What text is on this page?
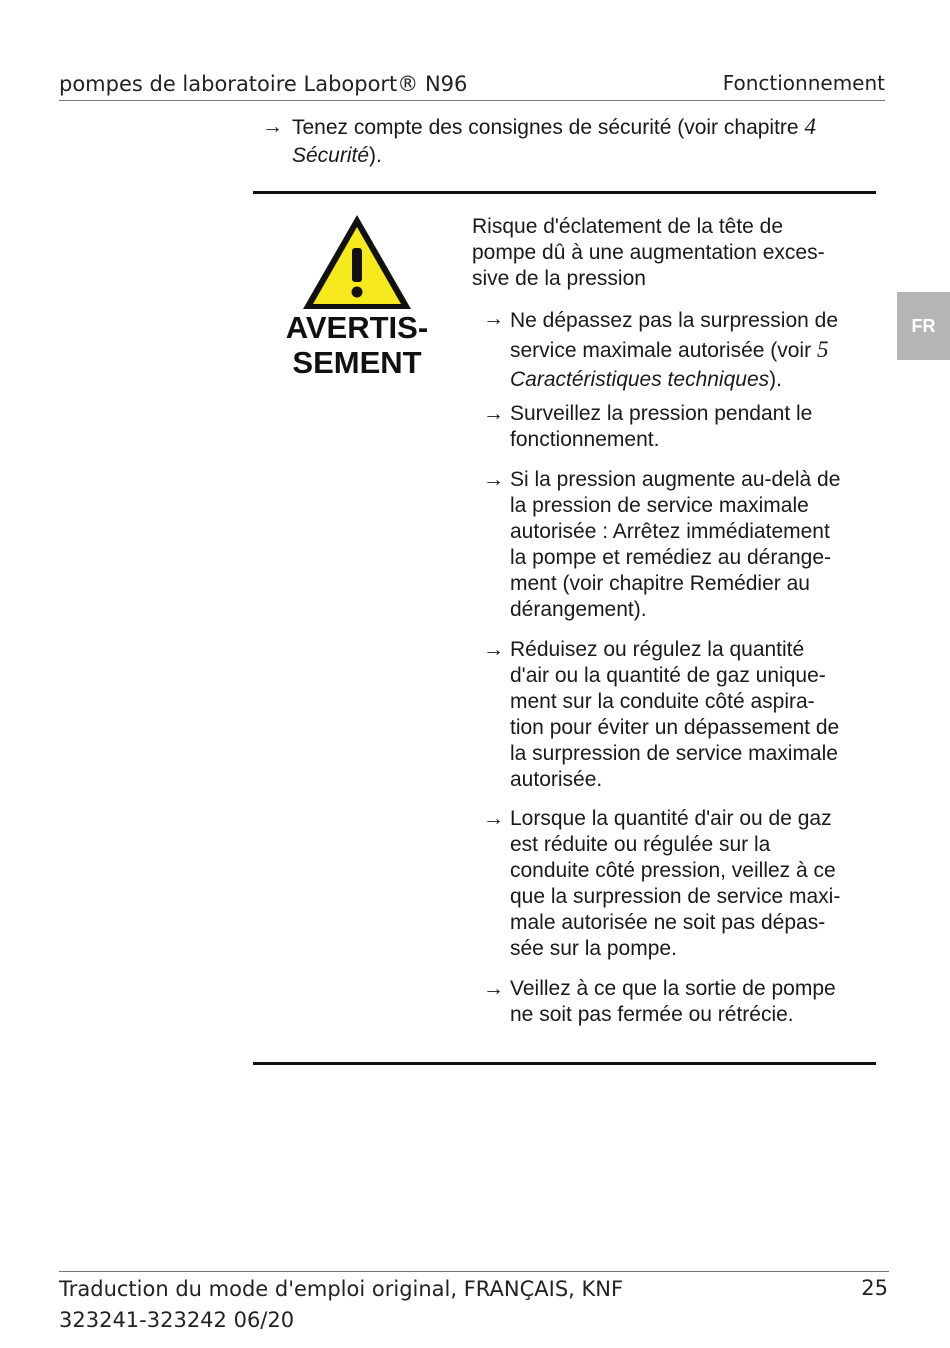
pompes de laboratoire Laboport® N96	Fonctionnement
→ Tenez compte des consignes de sécurité (voir chapitre 4
Sécurité).
AVERTIS-
SEMENT
Risque d'éclatement de la tête de
pompe dû à une augmentation exces-
sive de la pression
→ Ne dépassez pas la surpression de
service maximale autorisée (voir 5
Caractéristiques techniques).
→ Surveillez la pression pendant le
fonctionnement.
→ Si la pression augmente au-delà de
la pression de service maximale
autorisée : Arrêtez immédiatement
la pompe et remédiez au dérange-
ment (voir chapitre Remédier au
dérangement).
→ Réduisez ou régulez la quantité
d'air ou la quantité de gaz unique-
ment sur la conduite côté aspira-
tion pour éviter un dépassement de
la surpression de service maximale
autorisée.
→ Lorsque la quantité d'air ou de gaz
est réduite ou régulée sur la
conduite côté pression, veillez à ce
que la surpression de service maxi-
male autorisée ne soit pas dépas-
sée sur la pompe.
→ Veillez à ce que la sortie de pompe
ne soit pas fermée ou rétrécie.
FR
Traduction du mode d'emploi original, FRANÇAIS, KNF
323241-323242 06/20
25
